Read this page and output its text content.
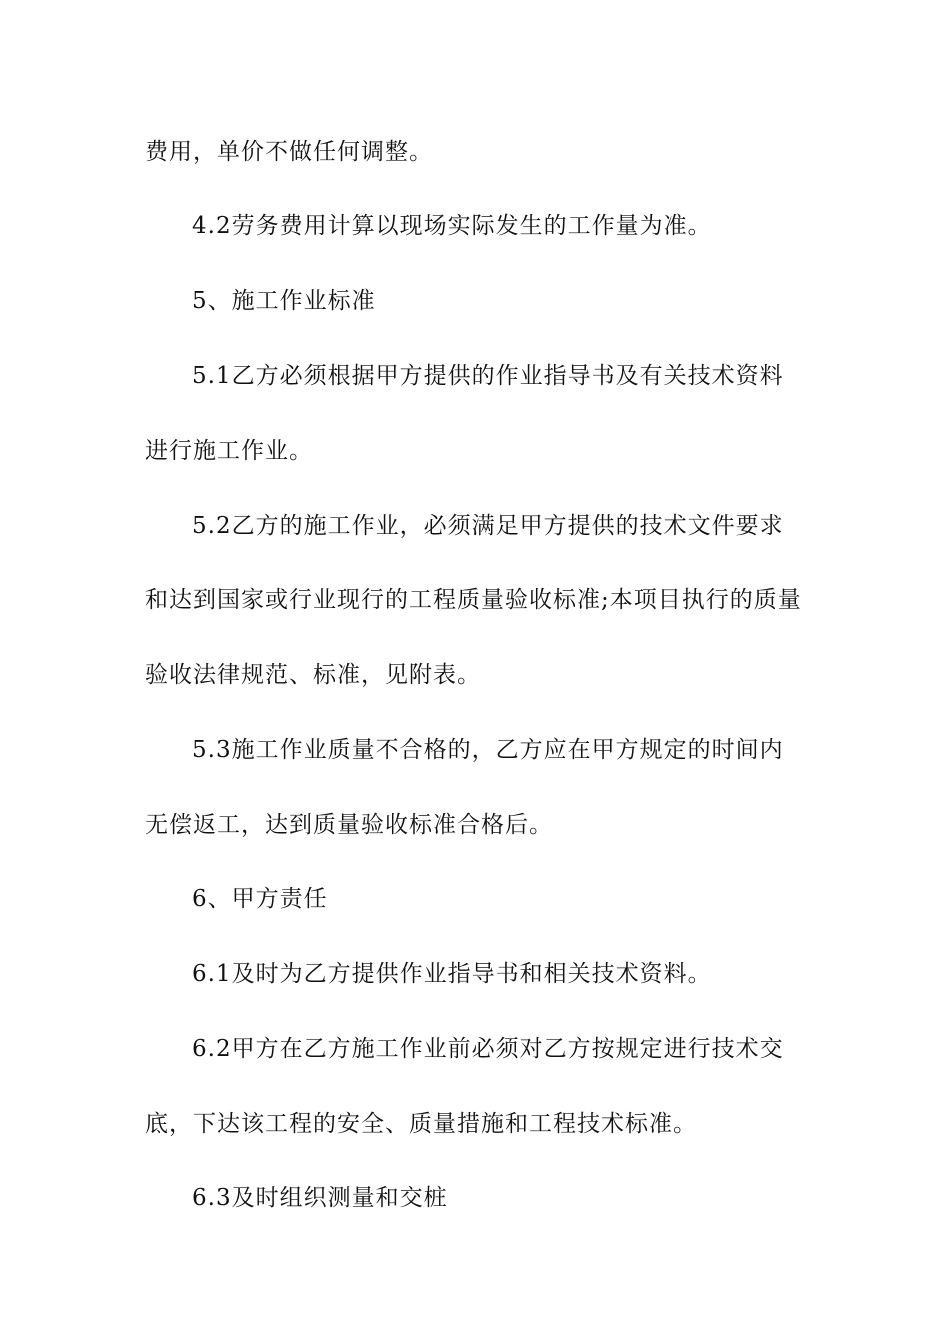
费用，单价不做任何调整。
4.2劳务费用计算以现场实际发生的工作量为准。
5、施工作业标准
5.1乙方必须根据甲方提供的作业指导书及有关技术资料
进行施工作业。
5.2乙方的施工作业，必须满足甲方提供的技术文件要求
和达到国家或行业现行的工程质量验收标准;本项目执行的质量
验收法律规范、标准，见附表。
5.3施工作业质量不合格的，乙方应在甲方规定的时间内
无偿返工，达到质量验收标准合格后。
6、甲方责任
6.1及时为乙方提供作业指导书和相关技术资料。
6.2甲方在乙方施工作业前必须对乙方按规定进行技术交
底，下达该工程的安全、质量措施和工程技术标准。
6.3及时组织测量和交桩
